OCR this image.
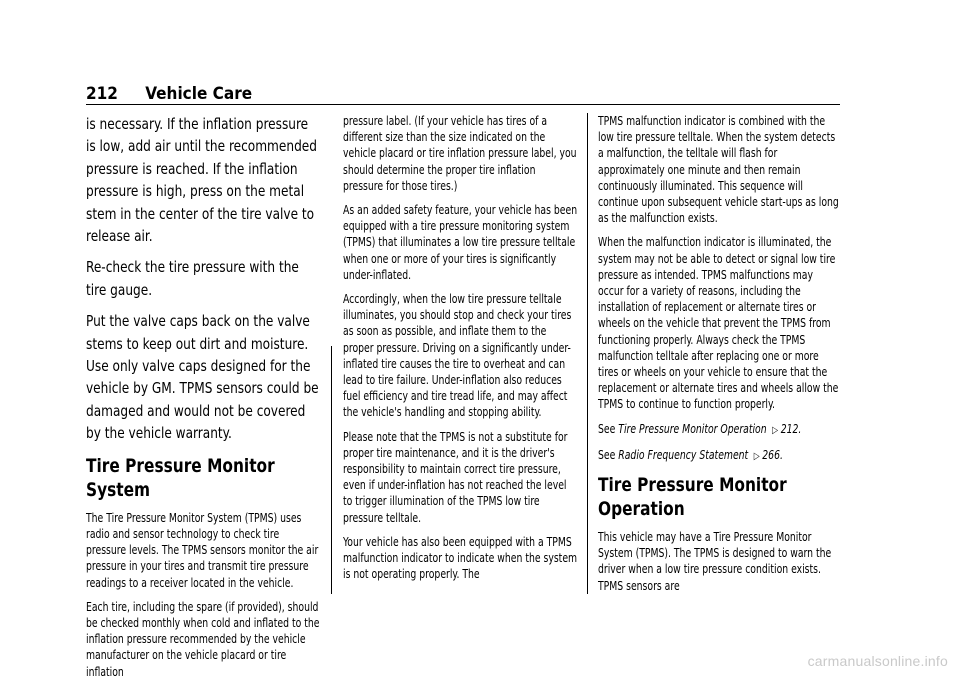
212 Vehicle Care

is necessary. If the inflation pressure is low, add air until the recommended pressure is reached. If the inflation pressure is high, press on the metal stem in the center of the tire valve to release air.

Re-check the tire pressure with the tire gauge.

Put the valve caps back on the valve stems to keep out dirt and moisture. Use only valve caps designed for the vehicle by GM. TPMS sensors could be damaged and would not be covered by the vehicle warranty.

Tire Pressure Monitor System

The Tire Pressure Monitor System (TPMS) uses radio and sensor technology to check tire pressure levels. The TPMS sensors monitor the air pressure in your tires and transmit tire pressure readings to a receiver located in the vehicle.

Each tire, including the spare (if provided), should be checked monthly when cold and inflated to the inflation pressure recommended by the vehicle manufacturer on the vehicle placard or tire inflation

pressure label. (If your vehicle has tires of a different size than the size indicated on the vehicle placard or tire inflation pressure label, you should determine the proper tire inflation pressure for those tires.)

As an added safety feature, your vehicle has been equipped with a tire pressure monitoring system (TPMS) that illuminates a low tire pressure telltale when one or more of your tires is significantly under-inflated.

Accordingly, when the low tire pressure telltale illuminates, you should stop and check your tires as soon as possible, and inflate them to the proper pressure. Driving on a significantly under-inflated tire causes the tire to overheat and can lead to tire failure. Under-inflation also reduces fuel efficiency and tire tread life, and may affect the vehicle's handling and stopping ability.

Please note that the TPMS is not a substitute for proper tire maintenance, and it is the driver's responsibility to maintain correct tire pressure, even if under-inflation has not reached the level to trigger illumination of the TPMS low tire pressure telltale.

Your vehicle has also been equipped with a TPMS malfunction indicator to indicate when the system is not operating properly. The

TPMS malfunction indicator is combined with the low tire pressure telltale. When the system detects a malfunction, the telltale will flash for approximately one minute and then remain continuously illuminated. This sequence will continue upon subsequent vehicle start-ups as long as the malfunction exists.

When the malfunction indicator is illuminated, the system may not be able to detect or signal low tire pressure as intended. TPMS malfunctions may occur for a variety of reasons, including the installation of replacement or alternate tires or wheels on the vehicle that prevent the TPMS from functioning properly. Always check the TPMS malfunction telltale after replacing one or more tires or wheels on your vehicle to ensure that the replacement or alternate tires and wheels allow the TPMS to continue to function properly.

See Tire Pressure Monitor Operation ▷ 212.

See Radio Frequency Statement ▷ 266.

Tire Pressure Monitor Operation

This vehicle may have a Tire Pressure Monitor System (TPMS). The TPMS is designed to warn the driver when a low tire pressure condition exists. TPMS sensors are

carmanualsonline.info
